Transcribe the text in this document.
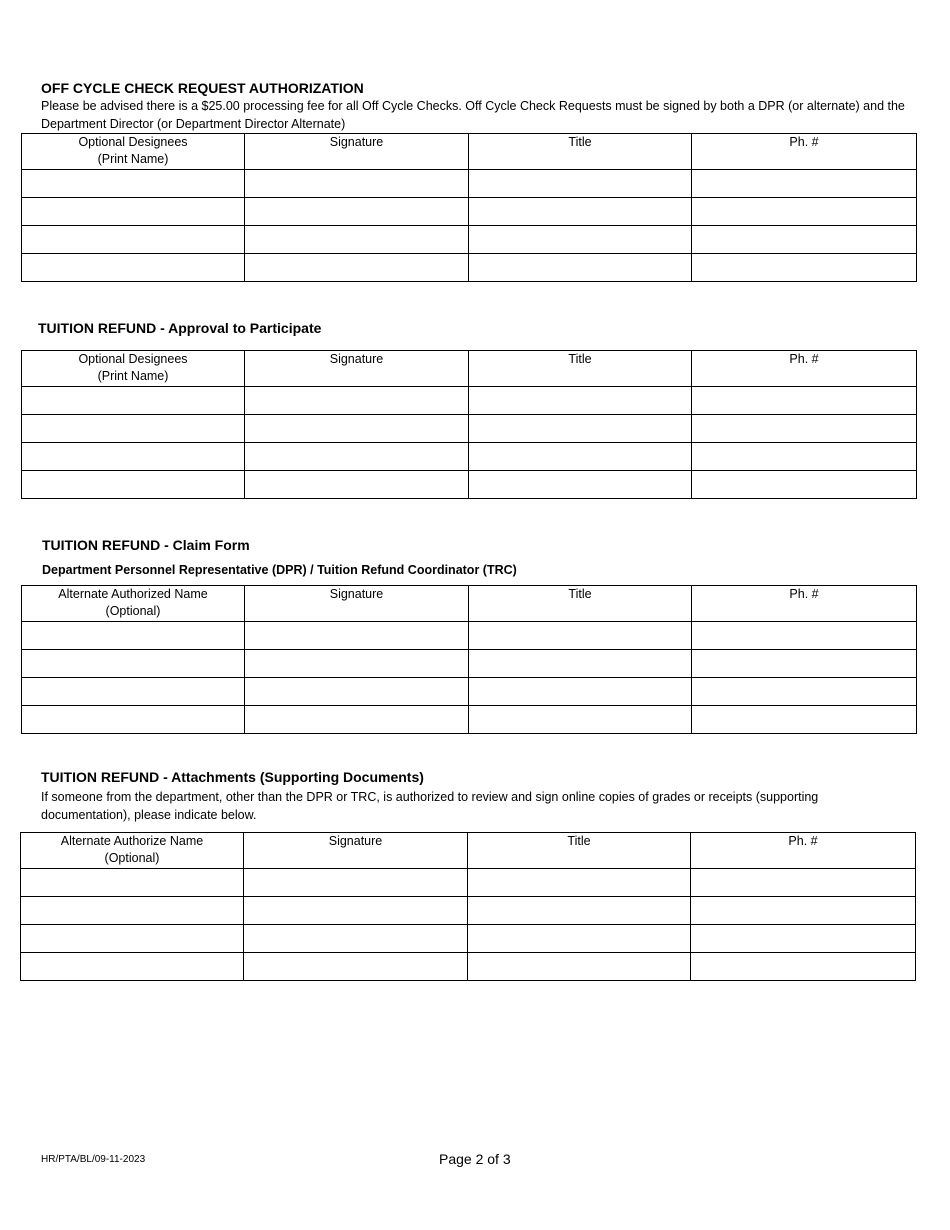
OFF CYCLE CHECK REQUEST AUTHORIZATION
Please be advised there is a $25.00 processing fee for all Off Cycle Checks. Off Cycle Check Requests must be signed by both a DPR (or alternate) and the Department Director (or Department Director Alternate)
Optional Designees
(Print Name)	Signature	Title	Ph. #

TUITION REFUND - Approval to Participate
Optional Designees
(Print Name)	Signature	Title	Ph. #

TUITION REFUND - Claim Form
Department Personnel Representative (DPR) / Tuition Refund Coordinator (TRC)
Alternate Authorized Name
(Optional)	Signature	Title	Ph. #

TUITION REFUND - Attachments (Supporting Documents)
If someone from the department, other than the DPR or TRC, is authorized to review and sign online copies of grades or receipts (supporting documentation), please indicate below.
Alternate Authorize Name
(Optional)	Signature	Title	Ph. #

HR/PTA/BL/09-11-2023	Page 2 of 3
